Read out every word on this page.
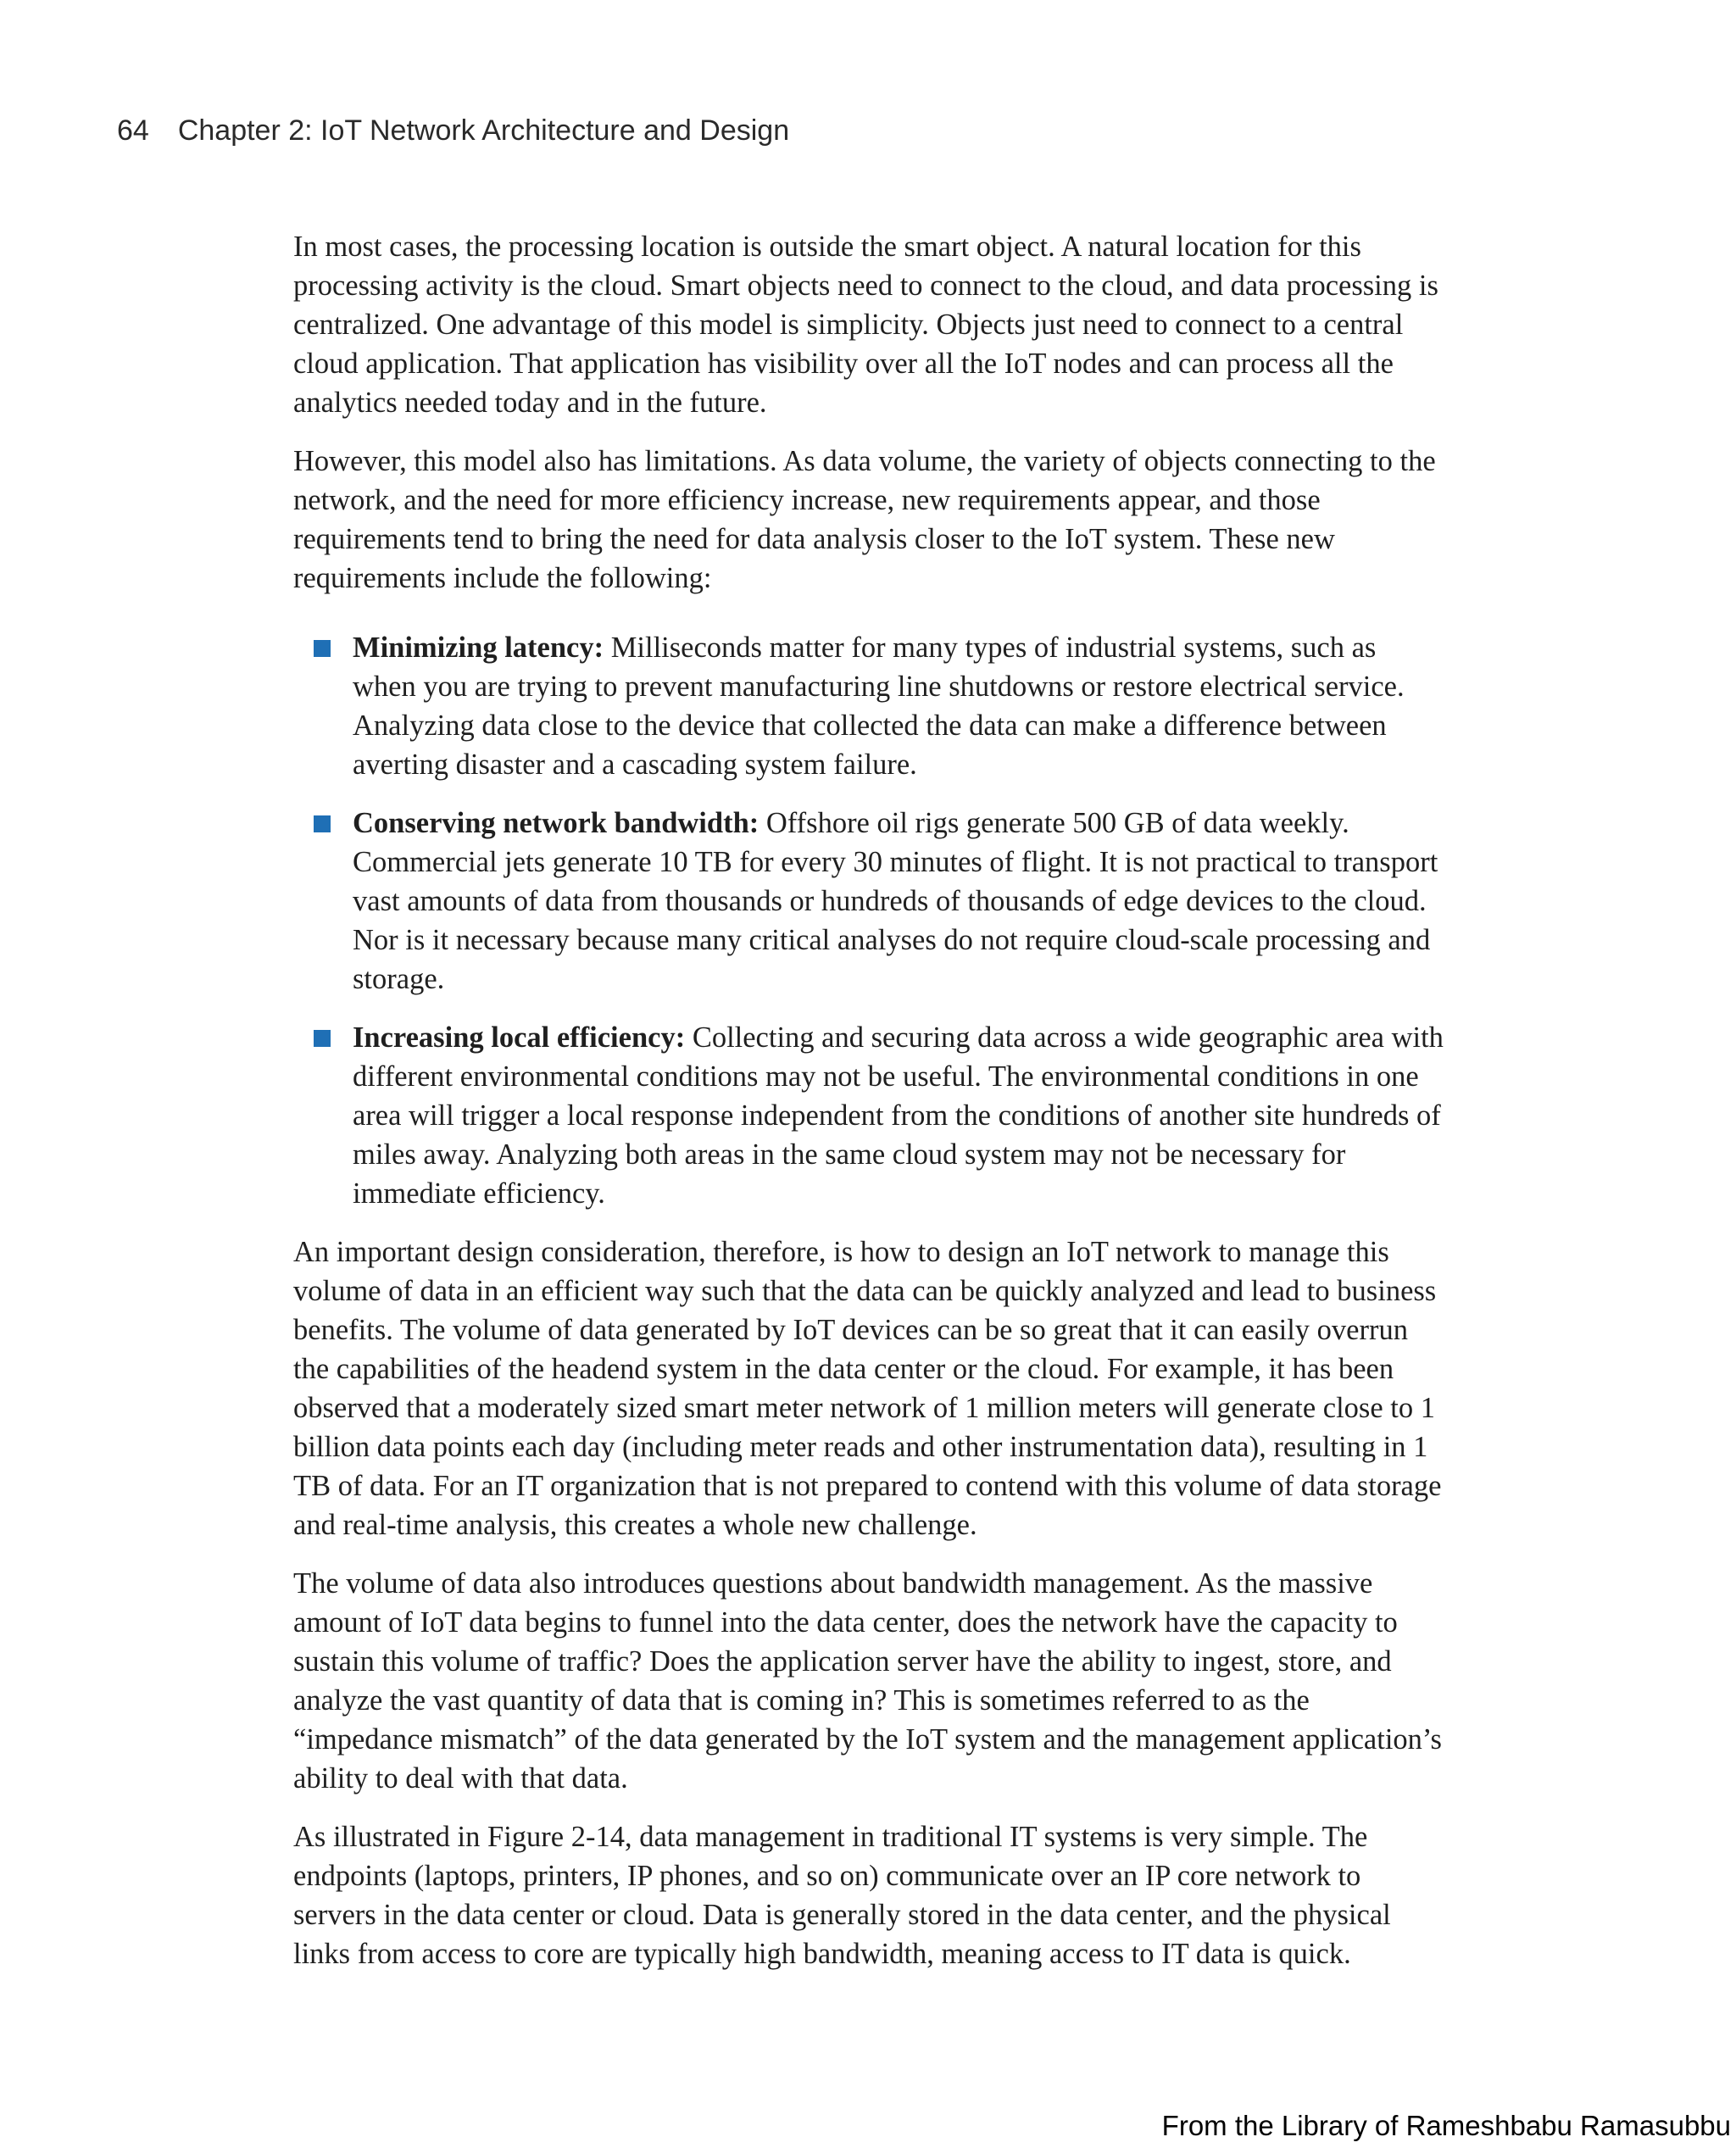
64 Chapter 2: IoT Network Architecture and Design

In most cases, the processing location is outside the smart object. A natural location for this processing activity is the cloud. Smart objects need to connect to the cloud, and data processing is centralized. One advantage of this model is simplicity. Objects just need to connect to a central cloud application. That application has visibility over all the IoT nodes and can process all the analytics needed today and in the future.

However, this model also has limitations. As data volume, the variety of objects connecting to the network, and the need for more efficiency increase, new requirements appear, and those requirements tend to bring the need for data analysis closer to the IoT system. These new requirements include the following:

Minimizing latency: Milliseconds matter for many types of industrial systems, such as when you are trying to prevent manufacturing line shutdowns or restore electrical service. Analyzing data close to the device that collected the data can make a difference between averting disaster and a cascading system failure.
Conserving network bandwidth: Offshore oil rigs generate 500 GB of data weekly. Commercial jets generate 10 TB for every 30 minutes of flight. It is not practical to transport vast amounts of data from thousands or hundreds of thousands of edge devices to the cloud. Nor is it necessary because many critical analyses do not require cloud-scale processing and storage.
Increasing local efficiency: Collecting and securing data across a wide geographic area with different environmental conditions may not be useful. The environmental conditions in one area will trigger a local response independent from the conditions of another site hundreds of miles away. Analyzing both areas in the same cloud system may not be necessary for immediate efficiency.

An important design consideration, therefore, is how to design an IoT network to manage this volume of data in an efficient way such that the data can be quickly analyzed and lead to business benefits. The volume of data generated by IoT devices can be so great that it can easily overrun the capabilities of the headend system in the data center or the cloud. For example, it has been observed that a moderately sized smart meter network of 1 million meters will generate close to 1 billion data points each day (including meter reads and other instrumentation data), resulting in 1 TB of data. For an IT organization that is not prepared to contend with this volume of data storage and real-time analysis, this creates a whole new challenge.

The volume of data also introduces questions about bandwidth management. As the massive amount of IoT data begins to funnel into the data center, does the network have the capacity to sustain this volume of traffic? Does the application server have the ability to ingest, store, and analyze the vast quantity of data that is coming in? This is sometimes referred to as the “impedance mismatch” of the data generated by the IoT system and the management application’s ability to deal with that data.

As illustrated in Figure 2-14, data management in traditional IT systems is very simple. The endpoints (laptops, printers, IP phones, and so on) communicate over an IP core network to servers in the data center or cloud. Data is generally stored in the data center, and the physical links from access to core are typically high bandwidth, meaning access to IT data is quick.

From the Library of Rameshbabu Ramasubbu
